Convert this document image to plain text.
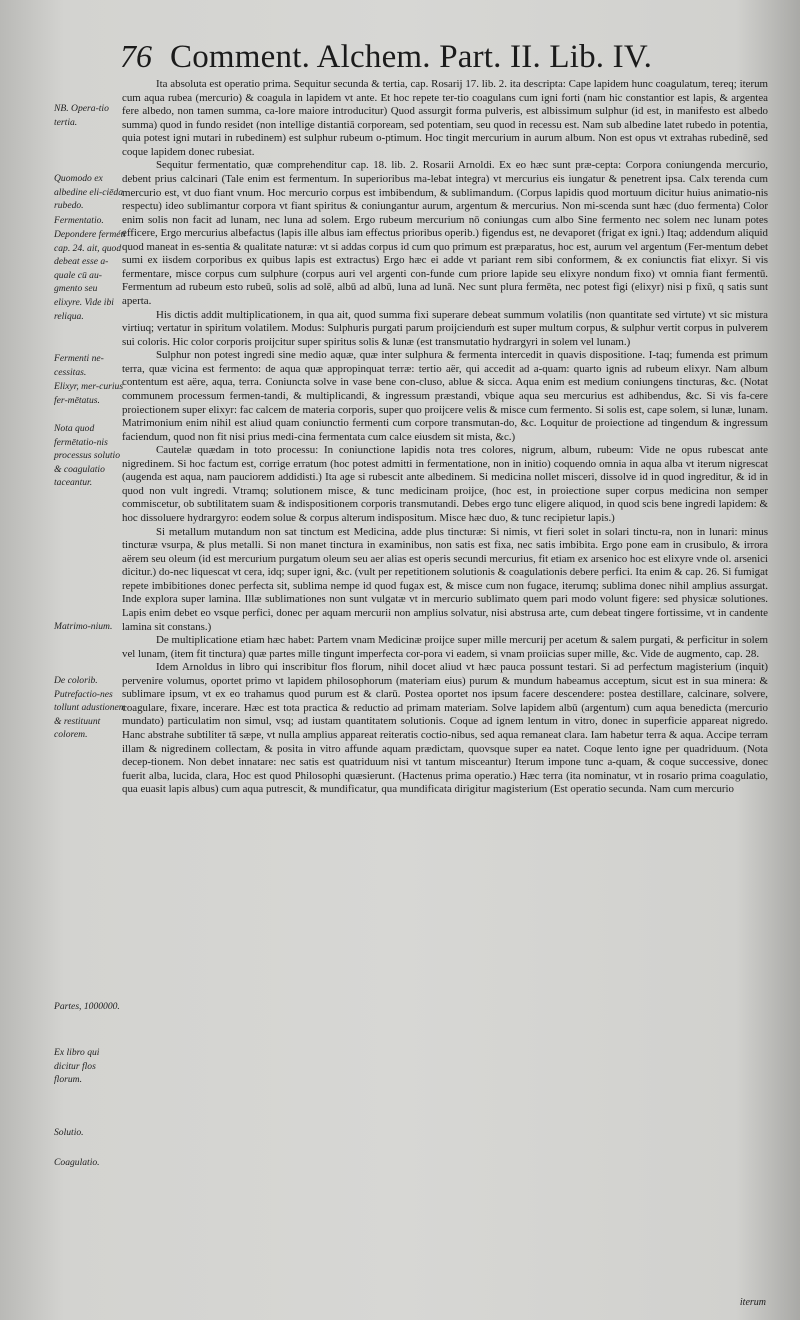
76 Comment. Alchem. Part. II. Lib. IV.
NB. Opera-tio tertia.
Quomodo ex albedine eli-ciēda rubedo.
Fermentatio.
Depondere ferméti cap. 24. ait, quod debeat esse a-quale cū au-gmento seu elixyre. Vide ibi reliqua.
Fermenti ne-cessitas.
Elixyr, mer-curius fer-mētatus.
Nota quod fermētatio-nis processus solutio & coagulatio taceantur.
Matrimo-nium.
De colorib. Putrefactio-nes tollunt adustionem & restituunt colorem.
Partes, 1000000.
Ex libro qui dicitur flos florum.
Solutio.
Coagulatio.

Ita absoluta est operatio prima. Sequitur secunda & tertia, cap. Rosarij 17. lib. 2. ita descripta: Cape lapidem hunc coagulatum, tereq; iterum cum aqua rubea (mercurio) & coagula in lapidem vt ante. Et hoc repete ter-tio coagulans cum igni forti (nam hic constantior est lapis, & argentea fere albedo, non tamen summa, ca-lore maiore introducitur) Quod assurgit forma pulveris, est albissimum sulphur (id est, in manifesto est albedo summa) quod in fundo residet (non intellige distantiā corpoream, sed potentiam, seu quod in recessu est. Nam sub albedine latet rubedo in potentia, quia potest igni mutari in rubedinem) est sulphur rubeum o-ptimum. Hoc tingit mercurium in aurum album. Non est opus vt extrahas rubedinē, sed coque lapidem donec rubesiat.

Sequitur fermentatio, quæ comprehenditur cap. 18. lib. 2. Rosarii Arnoldi. Ex eo hæc sunt præ-cepta: Corpora coniungenda mercurio, debent prius calcinari (Tale enim est fermentum. In superioribus ma-lebat integra) vt mercurius eis iungatur & penetrent ipsa. Calx terenda cum mercurio est, vt duo fiant vnum. Hoc mercurio corpus est imbibendum, & sublimandum. (Corpus lapidis quod mortuum dicitur huius animatio-nis respectu) ideo sublimantur corpora vt fiant spiritus & coniungantur aurum, argentum & mercurius. Non mi-scenda sunt hæc (duo fermenta) Color enim solis non facit ad lunam, nec luna ad solem. Ergo rubeum mercurium nō coniungas cum albo Sine fermento nec solem nec lunam potes efficere, Ergo mercurius albefactus (lapis ille albus iam effectus prioribus operib.) figendus est, ne devaporet (frigat ex igni.) Itaq; addendum aliquid quod maneat in es-sentia & qualitate naturæ: vt si addas corpus id cum quo primum est præparatus, hoc est, aurum vel argentum (Fer-mentum debet sumi ex iisdem corporibus ex quibus lapis est extractus) Ergo hæc ei adde vt pariant rem sibi conformem, & ex coniunctis fiat elixyr. Si vis fermentare, misce corpus cum sulphure (corpus auri vel argenti con-funde cum priore lapide seu elixyre nondum fixo) vt omnia fiant fermentū. Fermentum ad rubeum esto rubeū, solis ad solē, albū ad albū, luna ad lunā. Nec sunt plura fermēta, nec potest figi (elixyr) nisi p fixū, q satis sunt aperta.

His dictis addit multiplicationem, in qua ait, quod summa fixi superare debeat summum volatilis (non quantitate sed virtute) vt sic mistura virtiuq; vertatur in spiritum volatilem. Modus: Sulphuris purgati parum proijcienduṁ est super multum corpus, & sulphur vertit corpus in pulverem sui coloris. Hic color corporis proijcitur super spiritus solis & lunæ (est transmutatio hydrargyri in solem vel lunam.)

Sulphur non potest ingredi sine medio aquæ, quæ inter sulphura & fermenta intercedit in quavis dispositione. I-taq; fumenda est primum terra, quæ vicina est fermento: de aqua quæ appropinquat terræ: tertio aër, qui accedit ad a-quam: quarto ignis ad rubeum elixyr. Nam album contentum est aëre, aqua, terra. Coniuncta solve in vase bene con-cluso, ablue & sicca. Aqua enim est medium coniungens tincturas, &c. (Notat communem processum fermen-tandi, & multiplicandi, & ingressum præstandi, vbique aqua seu mercurius est adhibendus, &c. Si vis fa-cere proiectionem super elixyr: fac calcem de materia corporis, super quo proijcere velis & misce cum fermento. Si solis est, cape solem, si lunæ, lunam. Matrimonium enim nihil est aliud quam coniunctio fermenti cum corpore transmutan-do, &c. Loquitur de proiectione ad tingendum & ingressum faciendum, quod non fit nisi prius medi-cina fermentata cum calce eiusdem sit mista, &c.)

Cautelæ quædam in toto processu: In coniunctione lapidis nota tres colores, nigrum, album, rubeum: Vide ne opus rubescat ante nigredinem. Si hoc factum est, corrige erratum (hoc potest admitti in fermentatione, non in initio) coquendo omnia in aqua alba vt iterum nigrescat (augenda est aqua, nam pauciorem addidisti.) Ita age si rubescit ante albedinem. Si medicina nollet misceri, dissolve id in quod ingreditur, & id in quod non vult ingredi. Vtramq; solutionem misce, & tunc medicinam proijce, (hoc est, in proiectione super corpus medicina non semper commiscetur, ob subtilitatem suam & indispositionem corporis transmutandi. Debes ergo tunc eligere aliquod, in quod scis bene ingredi lapidem: & hoc dissoluere hydrargyro: eodem solue & corpus alterum indispositum. Misce hæc duo, & tunc recipietur lapis.)

Si metallum mutandum non sat tinctum est Medicina, adde plus tincturæ: Si nimis, vt fieri solet in solari tinctu-ra, non in lunari: minus tincturæ vsurpa, & plus metalli. Si non manet tinctura in examinibus, non satis est fixa, nec satis imbibita. Ergo pone eam in crusibulo, & irrora aërem seu oleum (id est mercurium purgatum oleum seu aer alias est operis secundi mercurius, fit etiam ex arsenico hoc est elixyre vnde ol. arsenici dicitur.) do-nec liquescat vt cera, idq; super igni, &c. (vult per repetitionem solutionis & coagulationis debere perfici. Ita enim & cap. 26. Si fumigat repete imbibitiones donec perfecta sit, sublima nempe id quod fugax est, & misce cum non fugace, iterumq; sublima donec nihil amplius assurgat. Inde explora super lamina. Illæ sublimationes non sunt vulgatæ vt in mercurio sublimato quem pari modo volunt figere: sed physicæ solutiones. Lapis enim debet eo vsque perfici, donec per aquam mercurii non amplius solvatur, nisi abstrusa arte, cum debeat tingere fortissime, vt in candente lamina sit constans.)

De multiplicatione etiam hæc habet: Partem vnam Medicinæ proijce super mille mercurij per acetum & salem purgati, & perficitur in solem vel lunam, (item fit tinctura) quæ partes mille tingunt imperfecta cor-pora vi eadem, si vnam proiicias super mille, &c. Vide de augmento, cap. 28.

Idem Arnoldus in libro qui inscribitur flos florum, nihil docet aliud vt hæc pauca possunt testari. Si ad perfectum magisterium (inquit) pervenire volumus, oportet primo vt lapidem philosophorum (materiam eius) purum & mundum habeamus acceptum, sicut est in sua minera: & sublimare ipsum, vt ex eo trahamus quod purum est & clarū. Postea oportet nos ipsum facere descendere: postea destillare, calcinare, solvere, coagulare, fixare, incerare. Hæc est tota practica & reductio ad primam materiam. Solve lapidem albū (argentum) cum aqua benedicta (mercurio mundato) particulatim non simul, vsq; ad iustam quantitatem solutionis. Coque ad ignem lentum in vitro, donec in superficie appareat nigredo. Hanc abstrahe subtiliter tā sæpe, vt nulla amplius appareat reiteratis coctio-nibus, sed aqua remaneat clara. Iam habetur terra & aqua. Accipe terram illam & nigredinem collectam, & posita in vitro affunde aquam prædictam, quovsque super ea natet. Coque lento igne per quadriduum. (Nota decep-tionem. Non debet innatare: nec satis est quatriduum nisi vt tantum misceantur) Iterum impone tunc a-quam, & coque successive, donec fuerit alba, lucida, clara, Hoc est quod Philosophi quæsierunt. (Hactenus prima operatio.) Hæc terra (ita nominatur, vt in rosario prima coagulatio, qua euasit lapis albus) cum aqua putrescit, & mundificatur, qua mundificata dirigitur magisterium (Est operatio secunda. Nam cum mercurio

iterum
